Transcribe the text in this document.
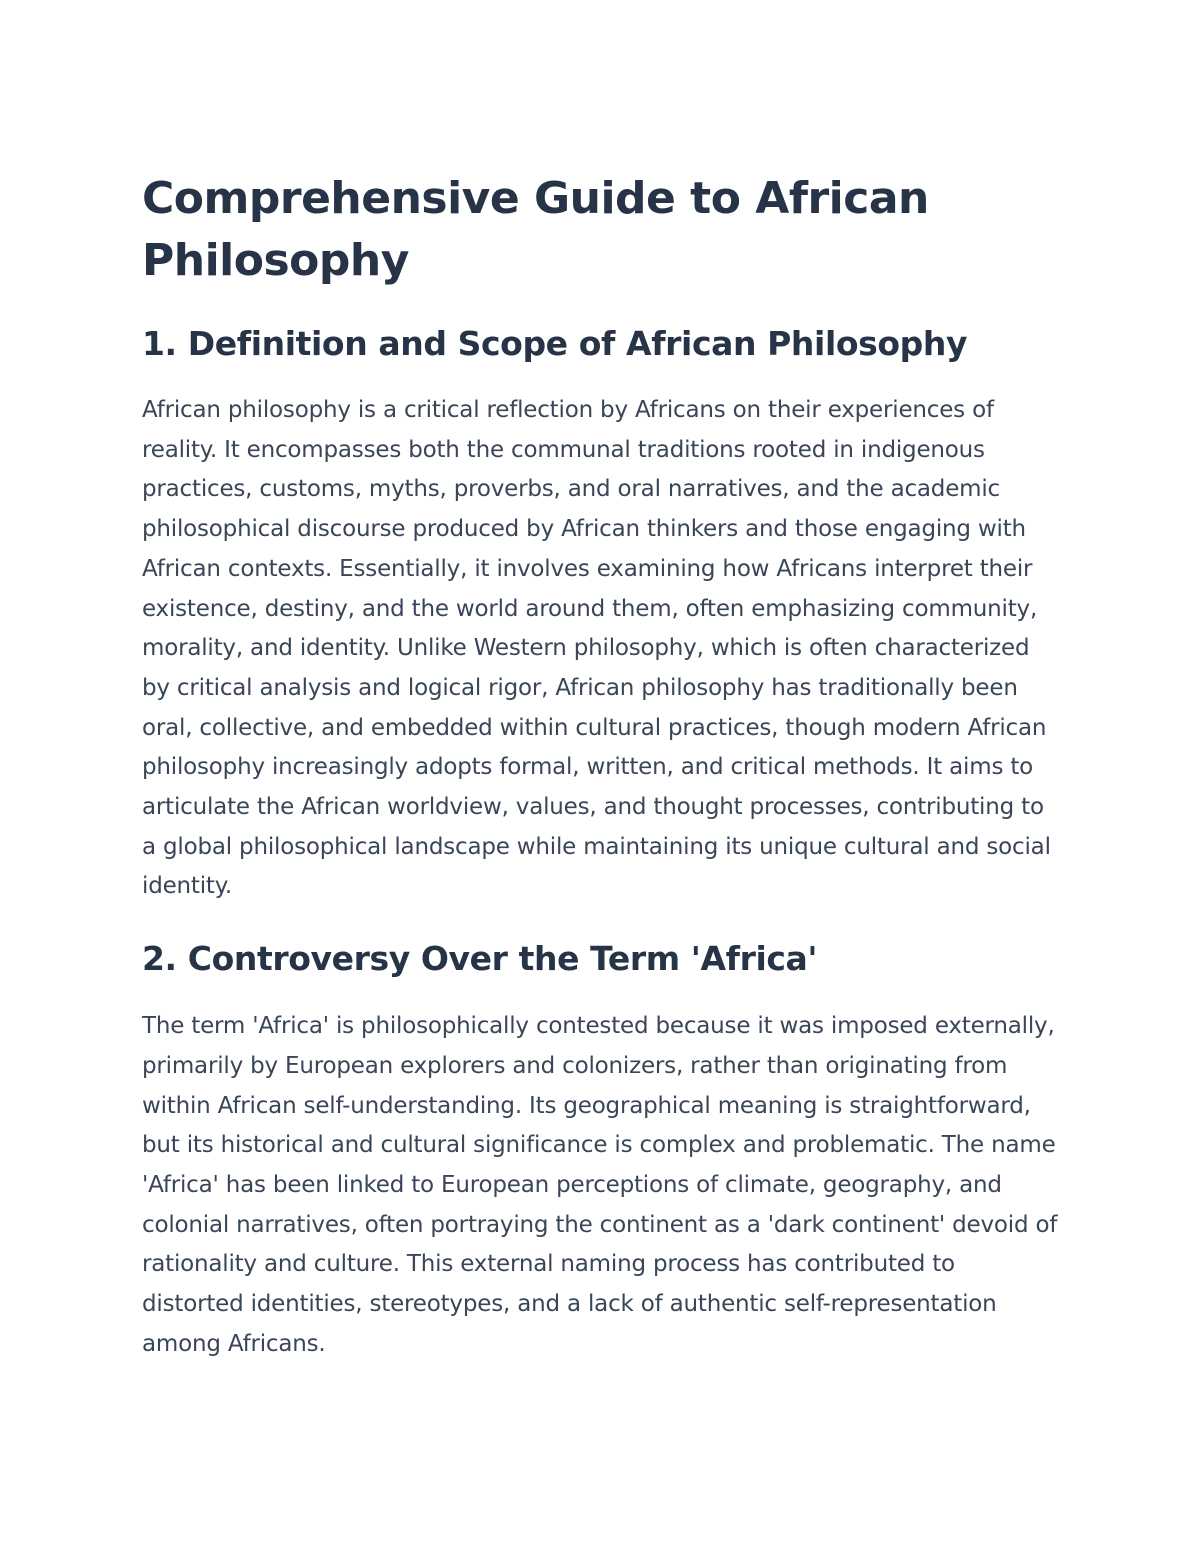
Comprehensive Guide to African Philosophy
1. Definition and Scope of African Philosophy

African philosophy is a critical reflection by Africans on their experiences of reality. It encompasses both the communal traditions rooted in indigenous practices, customs, myths, proverbs, and oral narratives, and the academic philosophical discourse produced by African thinkers and those engaging with African contexts. Essentially, it involves examining how Africans interpret their existence, destiny, and the world around them, often emphasizing community, morality, and identity. Unlike Western philosophy, which is often characterized by critical analysis and logical rigor, African philosophy has traditionally been oral, collective, and embedded within cultural practices, though modern African philosophy increasingly adopts formal, written, and critical methods. It aims to articulate the African worldview, values, and thought processes, contributing to a global philosophical landscape while maintaining its unique cultural and social identity.

2. Controversy Over the Term 'Africa'

The term 'Africa' is philosophically contested because it was imposed externally, primarily by European explorers and colonizers, rather than originating from within African self-understanding. Its geographical meaning is straightforward, but its historical and cultural significance is complex and problematic. The name 'Africa' has been linked to European perceptions of climate, geography, and colonial narratives, often portraying the continent as a 'dark continent' devoid of rationality and culture. This external naming process has contributed to distorted identities, stereotypes, and a lack of authentic self-representation among Africans.
